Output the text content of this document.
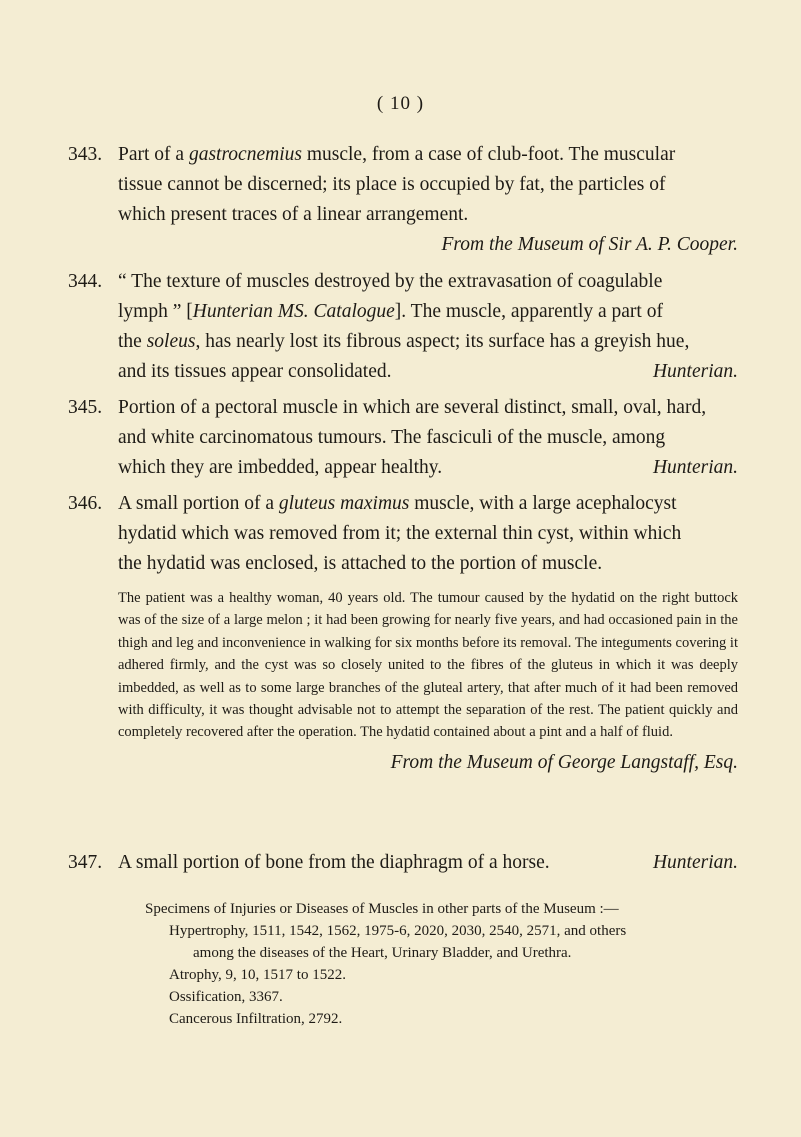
( 10 )
343. Part of a gastrocnemius muscle, from a case of club-foot. The muscular
tissue cannot be discerned; its place is occupied by fat, the particles of
which present traces of a linear arrangement.
From the Museum of Sir A. P. Cooper.
344. “ The texture of muscles destroyed by the extravasation of coagulable
lymph ” [Hunterian MS. Catalogue]. The muscle, apparently a part of
the soleus, has nearly lost its fibrous aspect; its surface has a greyish hue,
and its tissues appear consolidated.	Hunterian.
345. Portion of a pectoral muscle in which are several distinct, small, oval, hard,
and white carcinomatous tumours. The fasciculi of the muscle, among
which they are imbedded, appear healthy.	Hunterian.
346. A small portion of a gluteus maximus muscle, with a large acephalocyst
hydatid which was removed from it; the external thin cyst, within which
the hydatid was enclosed, is attached to the portion of muscle.
The patient was a healthy woman, 40 years old. The tumour caused by the hydatid on the right buttock was of the size of a large melon ; it had been growing for nearly five years, and had occasioned pain in the thigh and leg and inconvenience in walking for six months before its removal. The integuments covering it adhered firmly, and the cyst was so closely united to the fibres of the gluteus in which it was deeply imbedded, as well as to some large branches of the gluteal artery, that after much of it had been removed with difficulty, it was thought advisable not to attempt the separation of the rest. The patient quickly and completely recovered after the operation. The hydatid contained about a pint and a half of fluid.
From the Museum of George Langstaff, Esq.
347. A small portion of bone from the diaphragm of a horse.	Hunterian.
Specimens of Injuries or Diseases of Muscles in other parts of the Museum :—
Hypertrophy, 1511, 1542, 1562, 1975-6, 2020, 2030, 2540, 2571, and others
among the diseases of the Heart, Urinary Bladder, and Urethra.
Atrophy, 9, 10, 1517 to 1522.
Ossification, 3367.
Cancerous Infiltration, 2792.
